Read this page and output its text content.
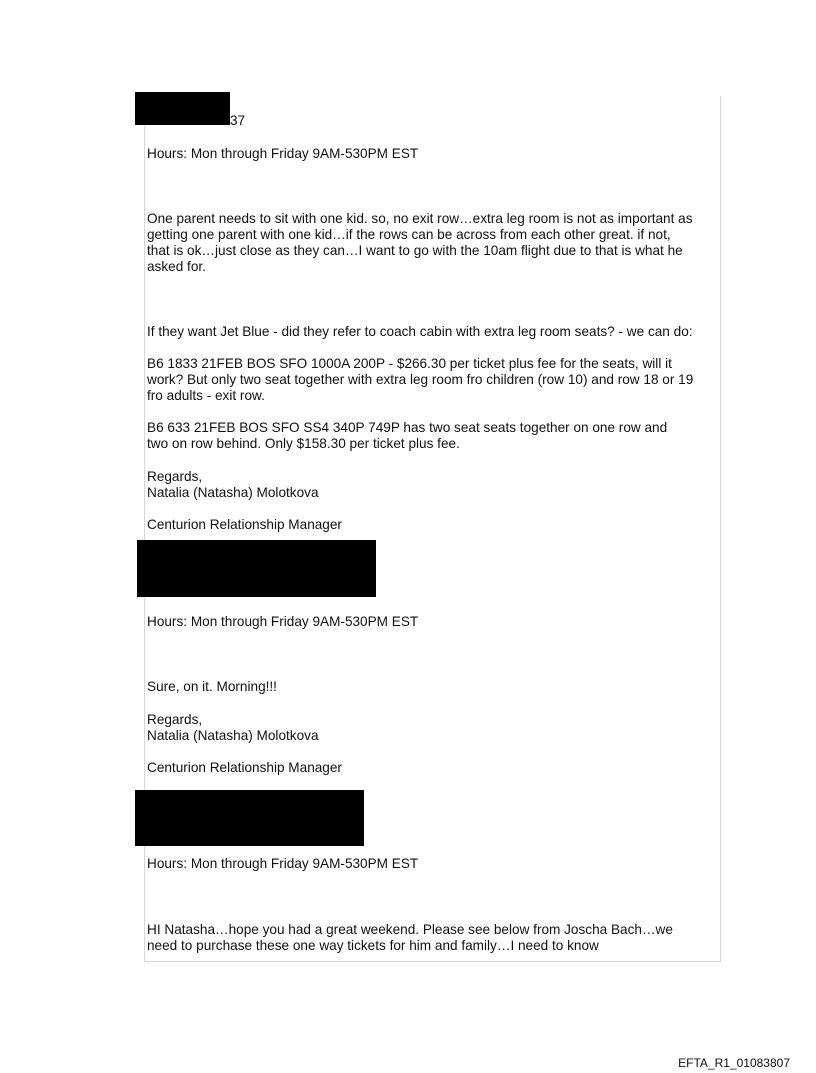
37

Hours: Mon through Friday 9AM-530PM EST

One parent needs to sit with one kid. so, no exit row…extra leg room is not as important as

getting one parent with one kid…if the rows can be across from each other great. if not,

that is ok…just close as they can…I want to go with the 10am flight due to that is what he

asked for.

If they want Jet Blue - did they refer to coach cabin with extra leg room seats? - we can do:

B6 1833 21FEB BOS SFO 1000A 200P - $266.30 per ticket plus fee for the seats, will it

work? But only two seat together with extra leg room fro children (row 10) and row 18 or 19

fro adults - exit row.

B6 633 21FEB BOS SFO SS4 340P 749P has two seat seats together on one row and

two on row behind. Only $158.30 per ticket plus fee.

Regards,

Natalia (Natasha) Molotkova

Centurion Relationship Manager

Hours: Mon through Friday 9AM-530PM EST

Sure, on it. Morning!!!

Regards,

Natalia (Natasha) Molotkova

Centurion Relationship Manager

Hours: Mon through Friday 9AM-530PM EST

HI Natasha…hope you had a great weekend. Please see below from Joscha Bach…we

need to purchase these one way tickets for him and family…I need to know

EFTA_R1_01083807
